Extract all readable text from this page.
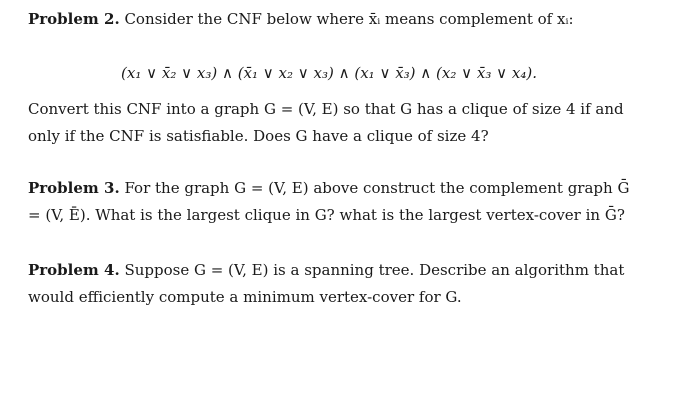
Problem 2. Consider the CNF below where x̄ᵢ means complement of xᵢ:
(x₁ ∨ x̄₂ ∨ x₃) ∧ (x̄₁ ∨ x₂ ∨ x₃) ∧ (x₁ ∨ x̄₃) ∧ (x₂ ∨ x̄₃ ∨ x₄).
Convert this CNF into a graph G = (V, E) so that G has a clique of size 4 if and only if the CNF is satisfiable. Does G have a clique of size 4?
Problem 3. For the graph G = (V, E) above construct the complement graph Ḡ = (V, Ē). What is the largest clique in G? what is the largest vertex-cover in Ḡ?
Problem 4. Suppose G = (V, E) is a spanning tree. Describe an algorithm that would efficiently compute a minimum vertex-cover for G.
